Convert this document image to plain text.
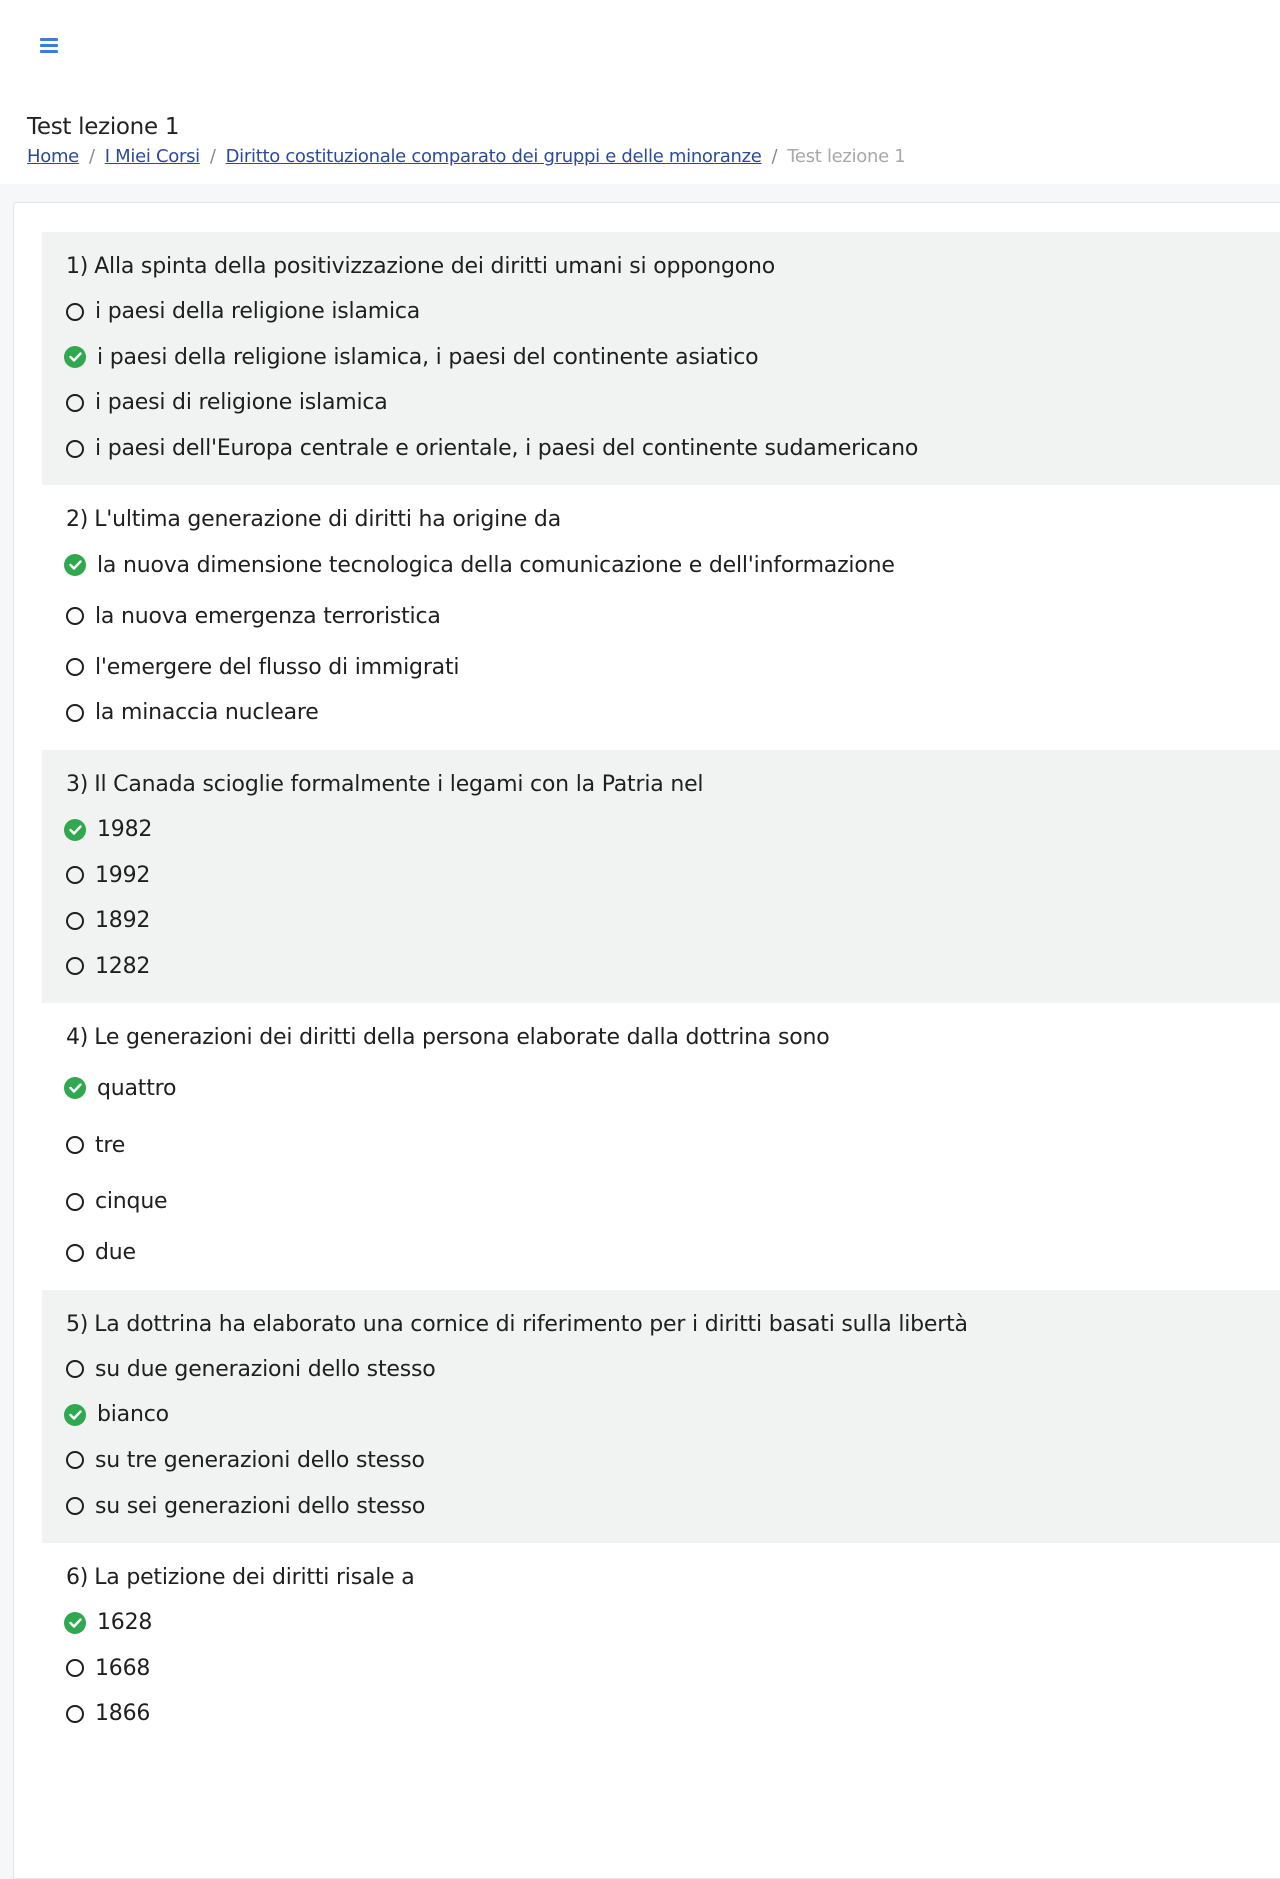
Test lezione 1
Home / I Miei Corsi / Diritto costituzionale comparato dei gruppi e delle minoranze / Test lezione 1

1) Alla spinta della positivizzazione dei diritti umani si oppongono

i paesi della religione islamica
i paesi della religione islamica, i paesi del continente asiatico
i paesi di religione islamica
i paesi dell'Europa centrale e orientale, i paesi del continente sudamericano

2) L'ultima generazione di diritti ha origine da

la nuova dimensione tecnologica della comunicazione e dell'informazione
la nuova emergenza terroristica
l'emergere del flusso di immigrati
la minaccia nucleare

3) Il Canada scioglie formalmente i legami con la Patria nel

1982
1992
1892
1282

4) Le generazioni dei diritti della persona elaborate dalla dottrina sono

quattro
tre
cinque
due

5) La dottrina ha elaborato una cornice di riferimento per i diritti basati sulla libertà

su due generazioni dello stesso
bianco
su tre generazioni dello stesso
su sei generazioni dello stesso

6) La petizione dei diritti risale a

1628
1668
1866
